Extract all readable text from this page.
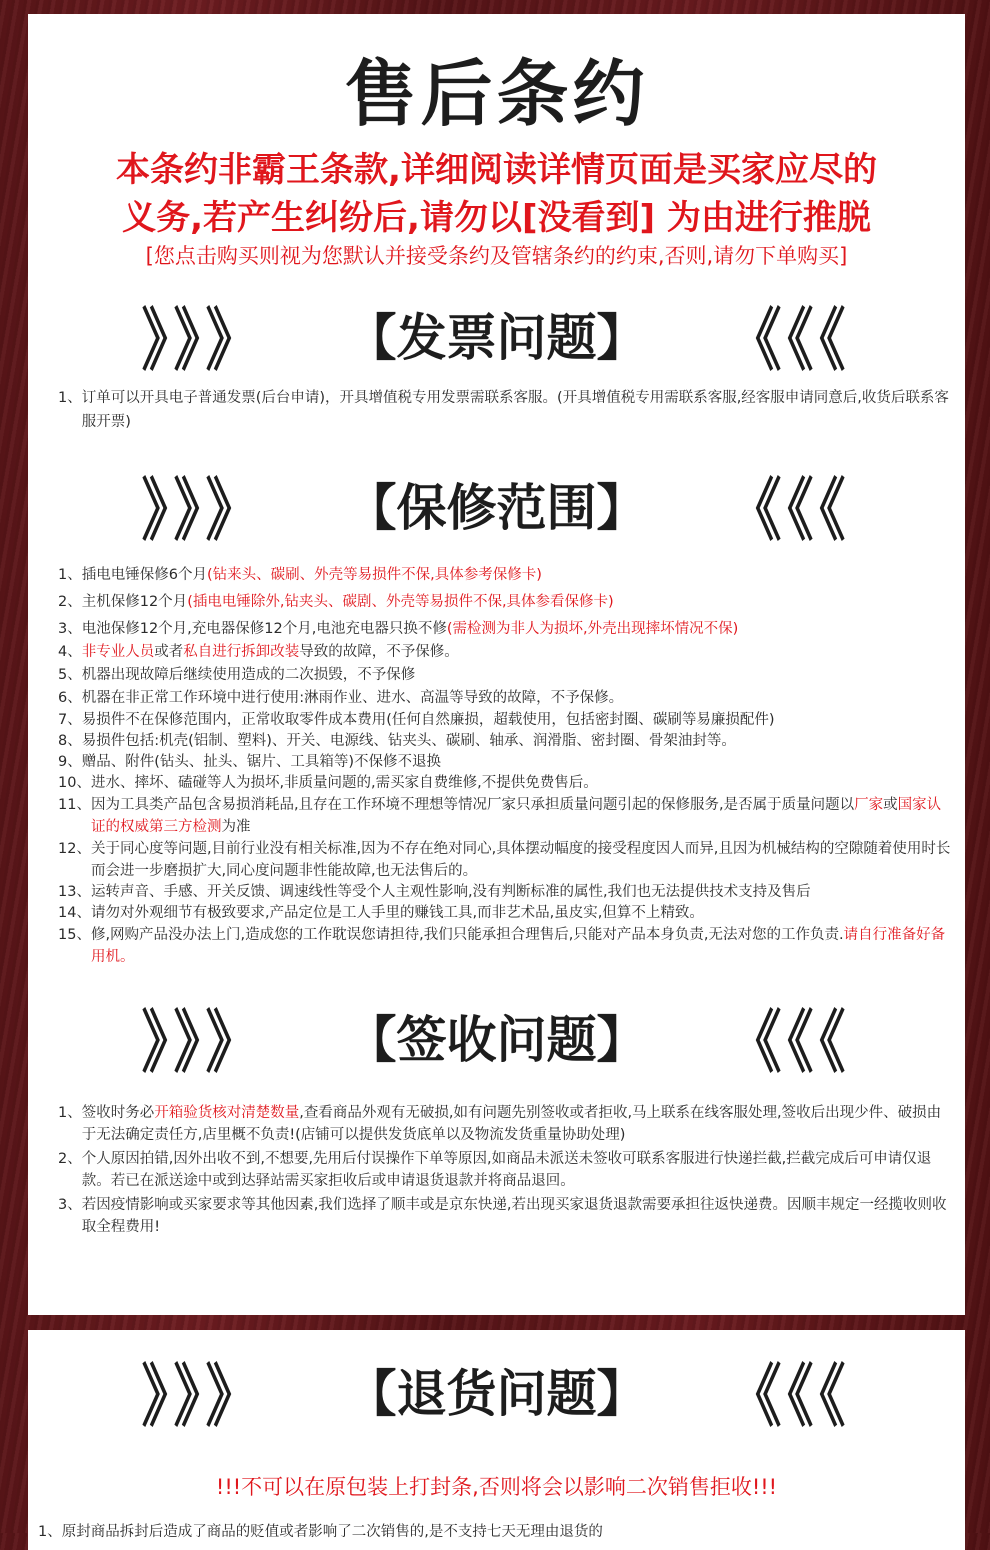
售后条约

本条约非霸王条款,详细阅读详情页面是买家应尽的

义务,若产生纠纷后,请勿以[没看到] 为由进行推脱

[您点击购买则视为您默认并接受条约及管辖条约的约束,否则,请勿下单购买]
》》》	【发票问题】	《《《
1、 订单可以开具电子普通发票(后台申请)，开具增值税专用发票需联系客服。(开具增值税专用需联系客服,经客服申请同意后,收货后联系客服开票)
》》》	【保修范围】	《《《
1、 插电电锤保修6个月(钻来头、碳刷、外壳等易损件不保,具体参考保修卡)
2、 主机保修12个月(插电电锤除外,钻夹头、碳剧、外壳等易损件不保,具体参看保修卡)
3、 电池保修12个月,充电器保修12个月,电池充电器只换不修(需检测为非人为损坏,外壳出现摔坏情况不保)
4、 非专业人员或者私自进行拆卸改装导致的故障，不予保修。
5、 机器出现故障后继续使用造成的二次损毁，不予保修
6、 机器在非正常工作环境中进行使用:淋雨作业、进水、高温等导致的故障，不予保修。
7、 易损件不在保修范围内，正常收取零件成本费用(任何自然廉损，超载使用，包括密封圈、碳刷等易廉损配件)
8、 易损件包括:机壳(铝制、塑料)、开关、电源线、钻夹头、碳刷、轴承、润滑脂、密封圈、骨架油封等。
9、 赠品、附件(钻头、扯头、锯片、工具箱等)不保修不退换
10、 进水、摔坏、磕碰等人为损坏,非质量问题的,需买家自费维修,不提供免费售后。
11、 因为工具类产品包含易损消耗品,且存在工作环境不理想等情况厂家只承担质量问题引起的保修服务,是否属于质量问题以厂家或国家认证的权威第三方检测为准
12、 关于同心度等问题,目前行业没有相关标准,因为不存在绝对同心,具体摆动幅度的接受程度因人而异,且因为机械结构的空隙随着使用时长而会进一步磨损扩大,同心度问题非性能故障,也无法售后的。
13、 运转声音、手感、开关反馈、调速线性等受个人主观性影响,没有判断标准的属性,我们也无法提供技术支持及售后
14、 请勿对外观细节有极致要求,产品定位是工人手里的赚钱工具,而非艺术品,虽皮实,但算不上精致。
15、 修,网购产品没办法上门,造成您的工作耽误您请担待,我们只能承担合理售后,只能对产品本身负责,无法对您的工作负责.请自行准备好备用机。
》》》	【签收问题】	《《《
1、 签收时务必开箱验货核对清楚数量,查看商品外观有无破损,如有问题先别签收或者拒收,马上联系在线客服处理,签收后出现少件、破损由于无法确定责任方,店里概不负责!(店铺可以提供发货底单以及物流发货重量协助处理)
2、 个人原因拍错,因外出收不到,不想要,先用后付误操作下单等原因,如商品未派送未签收可联系客服进行快递拦截,拦截完成后可申请仅退款。若已在派送途中或到达驿站需买家拒收后或申请退货退款并将商品退回。
3、 若因疫情影响或买家要求等其他因素,我们选择了顺丰或是京东快递,若出现买家退货退款需要承担往返快递费。因顺丰规定一经揽收则收取全程费用!
》》》	【退货问题】	《《《
!!!不可以在原包装上打封条,否则将会以影响二次销售拒收!!!
1、原封商品拆封后造成了商品的贬值或者影响了二次销售的,是不支持七天无理由退货的
